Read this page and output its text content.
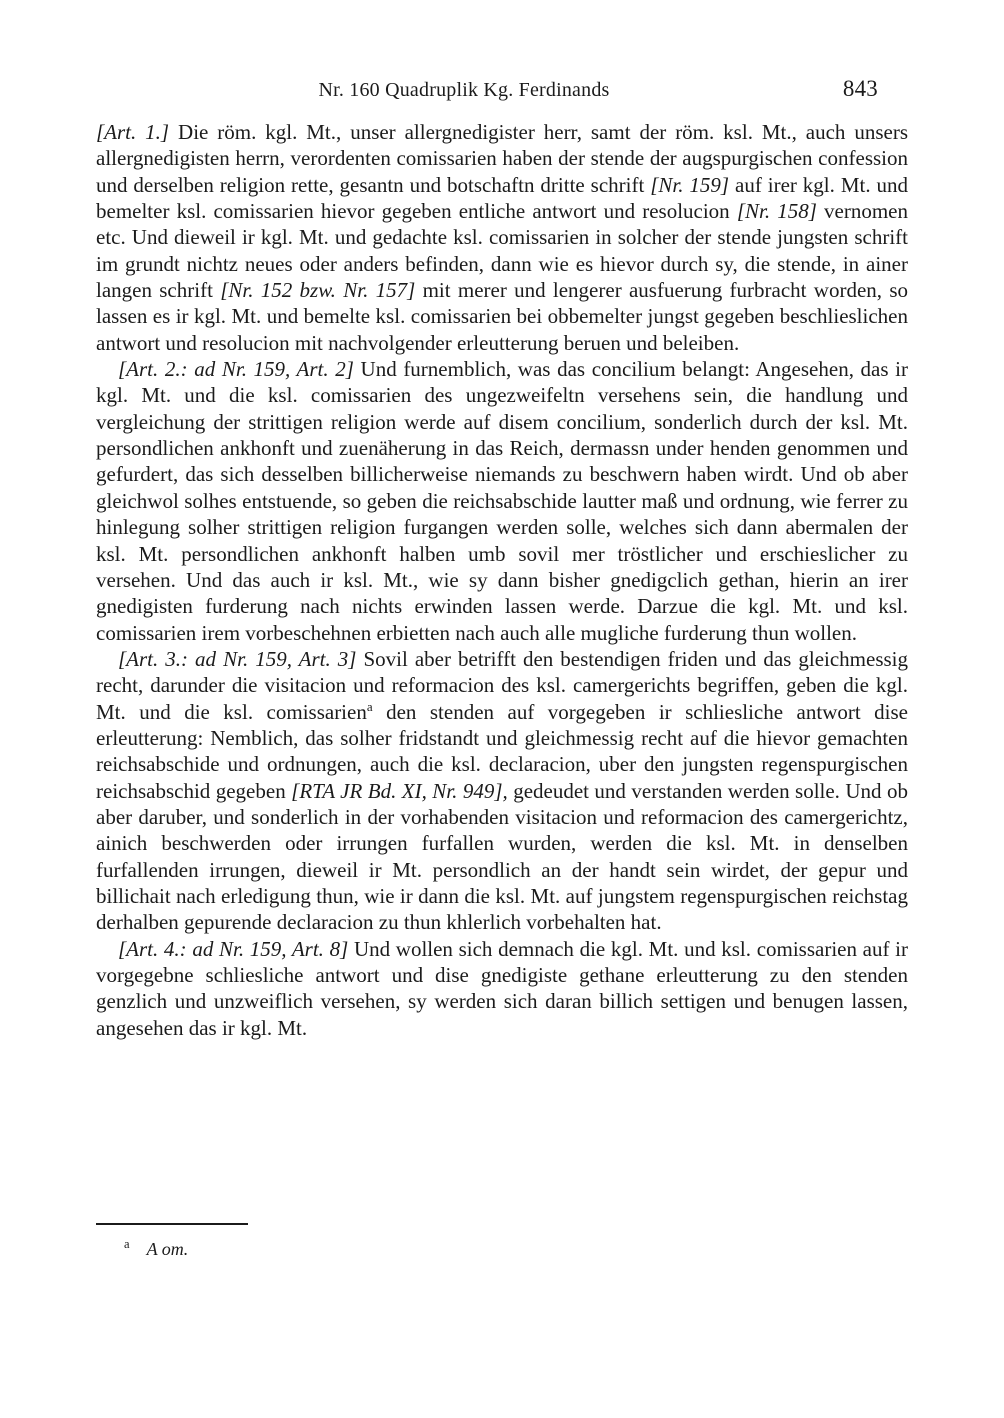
Nr. 160 Quadruplik Kg. Ferdinands	843

[Art. 1.] Die röm. kgl. Mt., unser allergnedigister herr, samt der röm. ksl. Mt., auch unsers allergnedigisten herrn, verordenten comissarien haben der stende der augspurgischen confession und derselben religion rette, gesantn und botschaftn dritte schrift [Nr. 159] auf irer kgl. Mt. und bemelter ksl. comissarien hievor gegeben entliche antwort und resolucion [Nr. 158] vernomen etc. Und dieweil ir kgl. Mt. und gedachte ksl. comissarien in solcher der stende jungsten schrift im grundt nichtz neues oder anders befinden, dann wie es hievor durch sy, die stende, in ainer langen schrift [Nr. 152 bzw. Nr. 157] mit merer und lengerer ausfuerung furbracht worden, so lassen es ir kgl. Mt. und bemelte ksl. comissarien bei obbemelter jungst gegeben beschlieslichen antwort und resolucion mit nachvolgender erleutterung beruen und beleiben.

[Art. 2.: ad Nr. 159, Art. 2] Und furnemblich, was das concilium belangt: Angesehen, das ir kgl. Mt. und die ksl. comissarien des ungezweifeltn versehens sein, die handlung und vergleichung der strittigen religion werde auf disem concilium, sonderlich durch der ksl. Mt. persondlichen ankhonft und zuenäherung in das Reich, dermassn under henden genommen und gefurdert, das sich desselben billicherweise niemands zu beschwern haben wirdt. Und ob aber gleichwol solhes entstuende, so geben die reichsabschide lautter maß und ordnung, wie ferrer zu hinlegung solher strittigen religion furgangen werden solle, welches sich dann abermalen der ksl. Mt. persondlichen ankhonft halben umb sovil mer tröstlicher und erschieslicher zu versehen. Und das auch ir ksl. Mt., wie sy dann bisher gnedigclich gethan, hierin an irer gnedigisten furderung nach nichts erwinden lassen werde. Darzue die kgl. Mt. und ksl. comissarien irem vorbeschehnen erbietten nach auch alle mugliche furderung thun wollen.

[Art. 3.: ad Nr. 159, Art. 3] Sovil aber betrifft den bestendigen friden und das gleichmessig recht, darunder die visitacion und reformacion des ksl. camergerichts begriffen, geben die kgl. Mt. und die ksl. comissarien$^a$ den stenden auf vorgegeben ir schliesliche antwort dise erleutterung: Nemblich, das solher fridstandt und gleichmessig recht auf die hievor gemachten reichsabschide und ordnungen, auch die ksl. declaracion, uber den jungsten regenspurgischen reichsabschid gegeben [RTA JR Bd. XI, Nr. 949], gedeudet und verstanden werden solle. Und ob aber daruber, und sonderlich in der vorhabenden visitacion und reformacion des camergerichtz, ainich beschwerden oder irrungen furfallen wurden, werden die ksl. Mt. in denselben furfallenden irrungen, dieweil ir Mt. persondlich an der handt sein wirdet, der gepur und billichait nach erledigung thun, wie ir dann die ksl. Mt. auf jungstem regenspurgischen reichstag derhalben gepurende declaracion zu thun khlerlich vorbehalten hat.

[Art. 4.: ad Nr. 159, Art. 8] Und wollen sich demnach die kgl. Mt. und ksl. comissarien auf ir vorgegebne schliesliche antwort und dise gnedigiste gethane erleutterung zu den stenden genzlich und unzweiflich versehen, sy werden sich daran billich settigen und benugen lassen, angesehen das ir kgl. Mt.

$^a$ A om.
